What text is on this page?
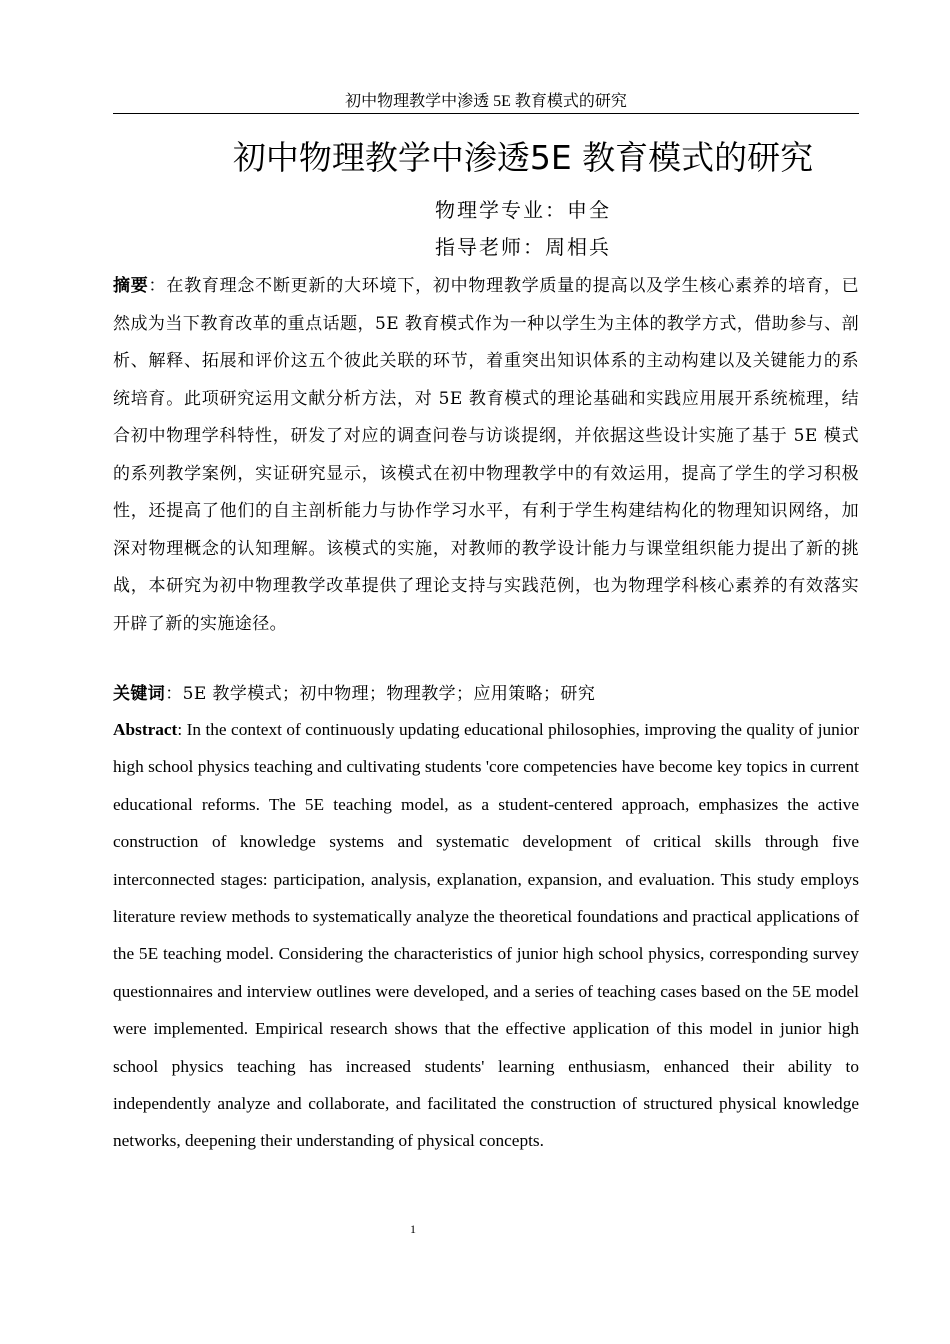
初中物理教学中渗透 5E 教育模式的研究
初中物理教学中渗透5E 教育模式的研究
物理学专业：申全
指导老师：周相兵
摘要：在教育理念不断更新的大环境下，初中物理教学质量的提高以及学生核心素养的培育，已然成为当下教育改革的重点话题，5E 教育模式作为一种以学生为主体的教学方式，借助参与、剖析、解释、拓展和评价这五个彼此关联的环节，着重突出知识体系的主动构建以及关键能力的系统培育。此项研究运用文献分析方法，对 5E 教育模式的理论基础和实践应用展开系统梳理，结合初中物理学科特性，研发了对应的调查问卷与访谈提纲，并依据这些设计实施了基于 5E 模式的系列教学案例，实证研究显示，该模式在初中物理教学中的有效运用，提高了学生的学习积极性，还提高了他们的自主剖析能力与协作学习水平，有利于学生构建结构化的物理知识网络，加深对物理概念的认知理解。该模式的实施，对教师的教学设计能力与课堂组织能力提出了新的挑战，本研究为初中物理教学改革提供了理论支持与实践范例，也为物理学科核心素养的有效落实开辟了新的实施途径。
关键词：5E 教学模式；初中物理；物理教学；应用策略；研究
Abstract: In the context of continuously updating educational philosophies, improving the quality of junior high school physics teaching and cultivating students 'core competencies have become key topics in current educational reforms. The 5E teaching model, as a student-centered approach, emphasizes the active construction of knowledge systems and systematic development of critical skills through five interconnected stages: participation, analysis, explanation, expansion, and evaluation. This study employs literature review methods to systematically analyze the theoretical foundations and practical applications of the 5E teaching model. Considering the characteristics of junior high school physics, corresponding survey questionnaires and interview outlines were developed, and a series of teaching cases based on the 5E model were implemented. Empirical research shows that the effective application of this model in junior high school physics teaching has increased students' learning enthusiasm, enhanced their ability to independently analyze and collaborate, and facilitated the construction of structured physical knowledge networks, deepening their understanding of physical concepts.
1
